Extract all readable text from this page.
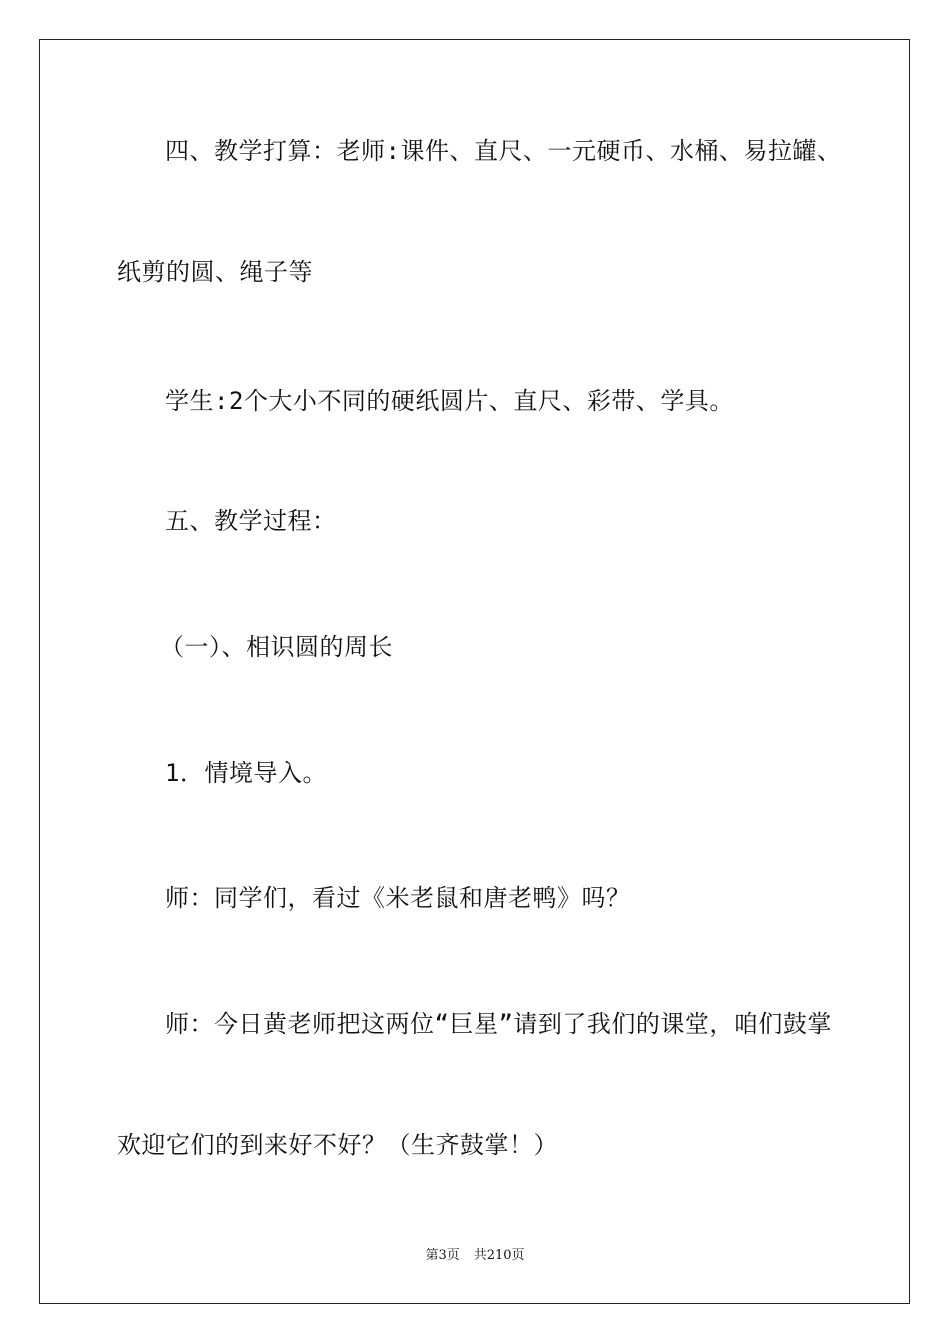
四、教学打算：老师:课件、直尺、一元硬币、水桶、易拉罐、
纸剪的圆、绳子等
学生:2个大小不同的硬纸圆片、直尺、彩带、学具。
五、教学过程：
（一）、相识圆的周长
1．情境导入。
师：同学们，看过《米老鼠和唐老鸭》吗？
师：今日黄老师把这两位“巨星”请到了我们的课堂，咱们鼓掌
欢迎它们的到来好不好？（生齐鼓掌！）
第3页 共210页
